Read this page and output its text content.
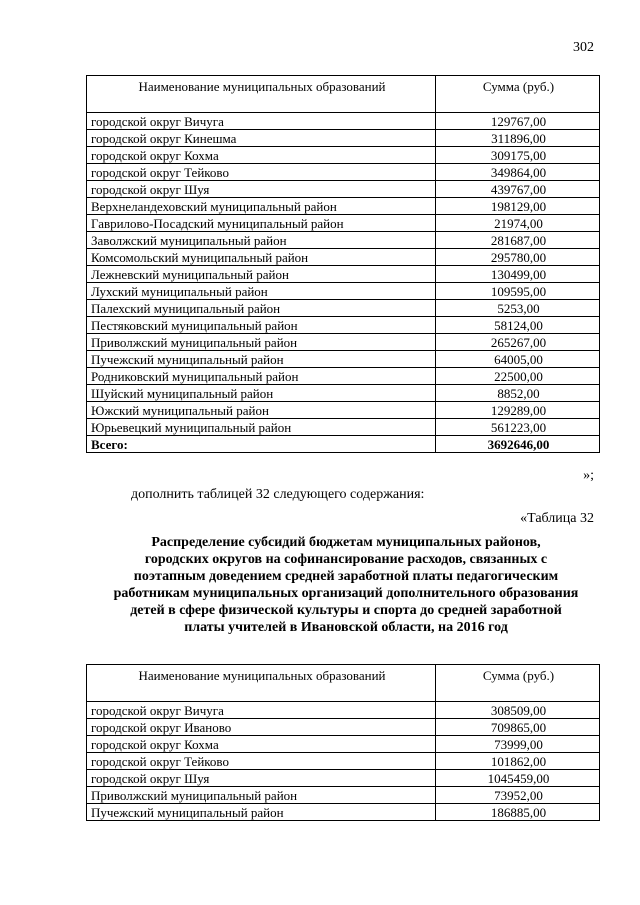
302
Наименование муниципальных образований	Сумма (руб.)
городской округ Вичуга	129767,00
городской округ Кинешма	311896,00
городской округ Кохма	309175,00
городской округ Тейково	349864,00
городской округ Шуя	439767,00
Верхнеландеховский муниципальный район	198129,00
Гаврилово-Посадский муниципальный район	21974,00
Заволжский муниципальный район	281687,00
Комсомольский муниципальный район	295780,00
Лежневский муниципальный район	130499,00
Лухский муниципальный район	109595,00
Палехский муниципальный район	5253,00
Пестяковский муниципальный район	58124,00
Приволжский муниципальный район	265267,00
Пучежский муниципальный район	64005,00
Родниковский муниципальный район	22500,00
Шуйский муниципальный район	8852,00
Южский муниципальный район	129289,00
Юрьевецкий муниципальный район	561223,00
Всего:	3692646,00
»;
дополнить таблицей 32 следующего содержания:
«Таблица 32
Распределение субсидий бюджетам муниципальных районов,
городских округов на софинансирование расходов, связанных с
поэтапным доведением средней заработной платы педагогическим
работникам муниципальных организаций дополнительного образования
детей в сфере физической культуры и спорта до средней заработной
платы учителей в Ивановской области, на 2016 год
Наименование муниципальных образований	Сумма (руб.)
городской округ Вичуга	308509,00
городской округ Иваново	709865,00
городской округ Кохма	73999,00
городской округ Тейково	101862,00
городской округ Шуя	1045459,00
Приволжский муниципальный район	73952,00
Пучежский муниципальный район	186885,00
